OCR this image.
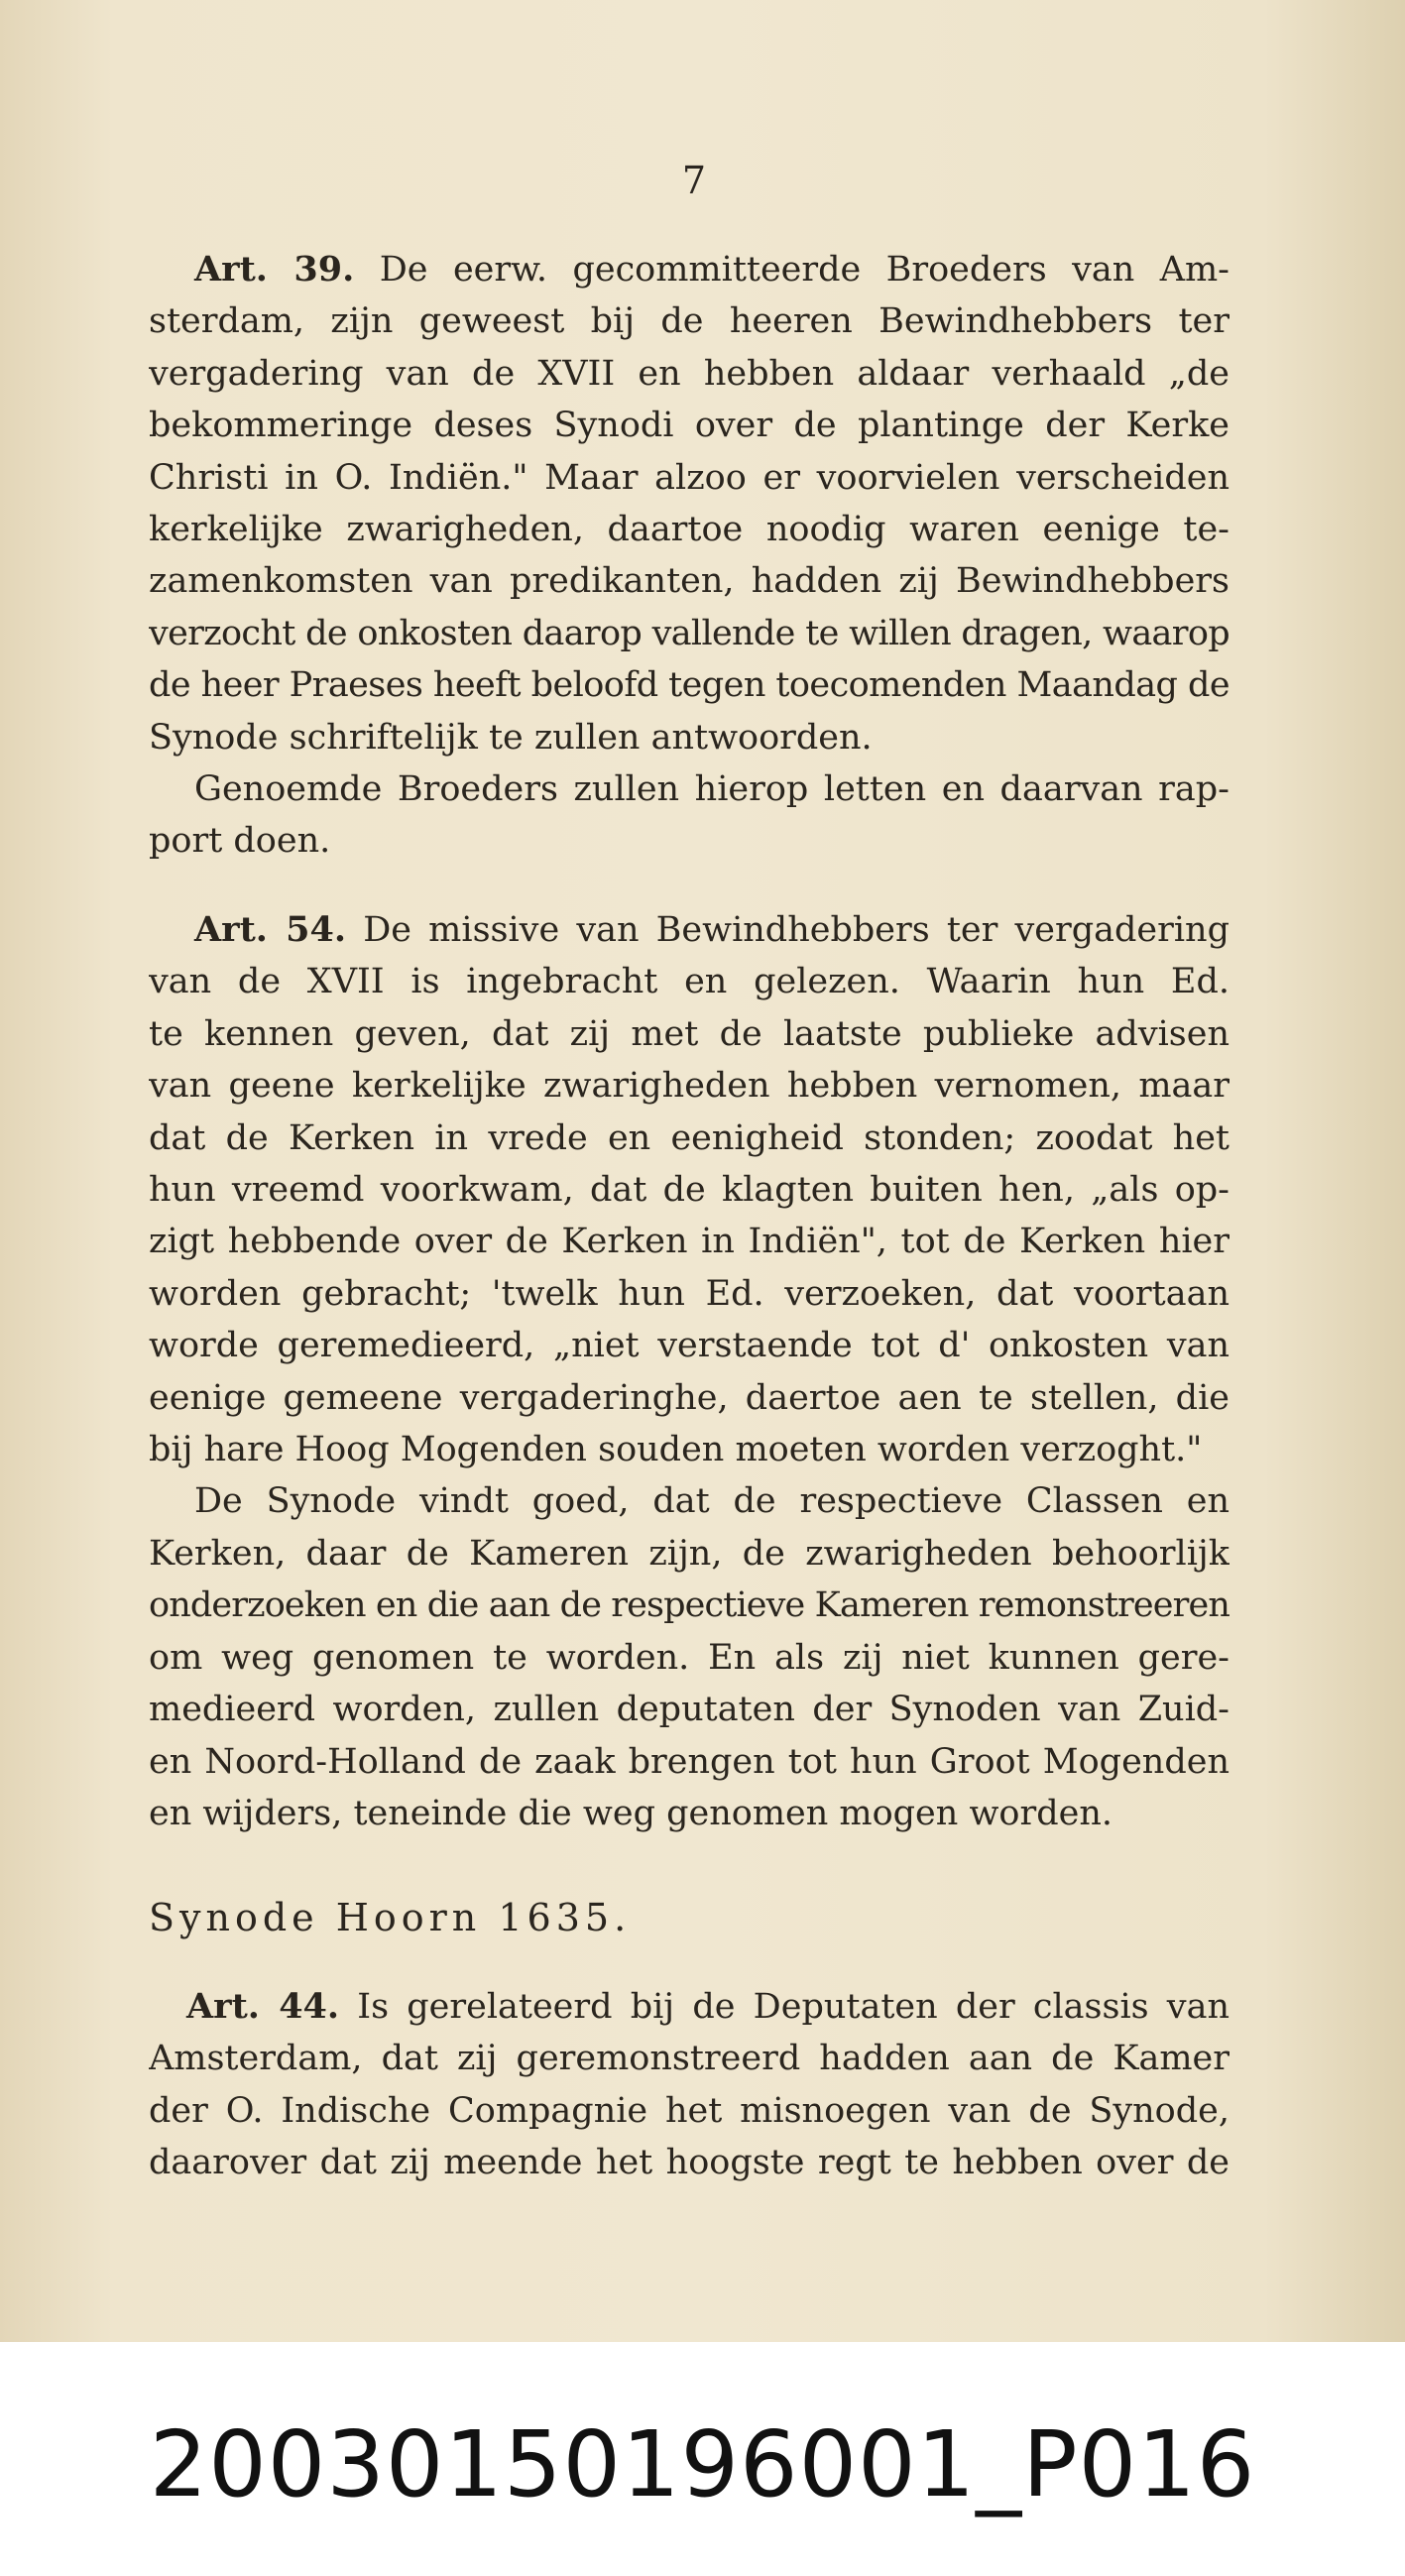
7
Art. 39. De eerw. gecommitteerde Broeders van Am-
sterdam, zijn geweest bij de heeren Bewindhebbers ter
vergadering van de XVII en hebben aldaar verhaald „de
bekommeringe deses Synodi over de plantinge der Kerke
Christi in O. Indiën." Maar alzoo er voorvielen verscheiden
kerkelijke zwarigheden, daartoe noodig waren eenige te-
zamenkomsten van predikanten, hadden zij Bewindhebbers
verzocht de onkosten daarop vallende te willen dragen, waarop
de heer Praeses heeft beloofd tegen toecomenden Maandag de
Synode schriftelijk te zullen antwoorden.
Genoemde Broeders zullen hierop letten en daarvan rap-
port doen.
Art. 54. De missive van Bewindhebbers ter vergadering
van de XVII is ingebracht en gelezen. Waarin hun Ed.
te kennen geven, dat zij met de laatste publieke advisen
van geene kerkelijke zwarigheden hebben vernomen, maar
dat de Kerken in vrede en eenigheid stonden; zoodat het
hun vreemd voorkwam, dat de klagten buiten hen, „als op-
zigt hebbende over de Kerken in Indiën", tot de Kerken hier
worden gebracht; 'twelk hun Ed. verzoeken, dat voortaan
worde geremedieerd, „niet verstaende tot d' onkosten van
eenige gemeene vergaderinghe, daertoe aen te stellen, die
bij hare Hoog Mogenden souden moeten worden verzoght."
De Synode vindt goed, dat de respectieve Classen en
Kerken, daar de Kameren zijn, de zwarigheden behoorlijk
onderzoeken en die aan de respectieve Kameren remonstreeren
om weg genomen te worden. En als zij niet kunnen gere-
medieerd worden, zullen deputaten der Synoden van Zuid-
en Noord-Holland de zaak brengen tot hun Groot Mogenden
en wijders, teneinde die weg genomen mogen worden.
Synode Hoorn 1635.
Art. 44. Is gerelateerd bij de Deputaten der classis van
Amsterdam, dat zij geremonstreerd hadden aan de Kamer
der O. Indische Compagnie het misnoegen van de Synode,
daarover dat zij meende het hoogste regt te hebben over de
20030150196001_P016
